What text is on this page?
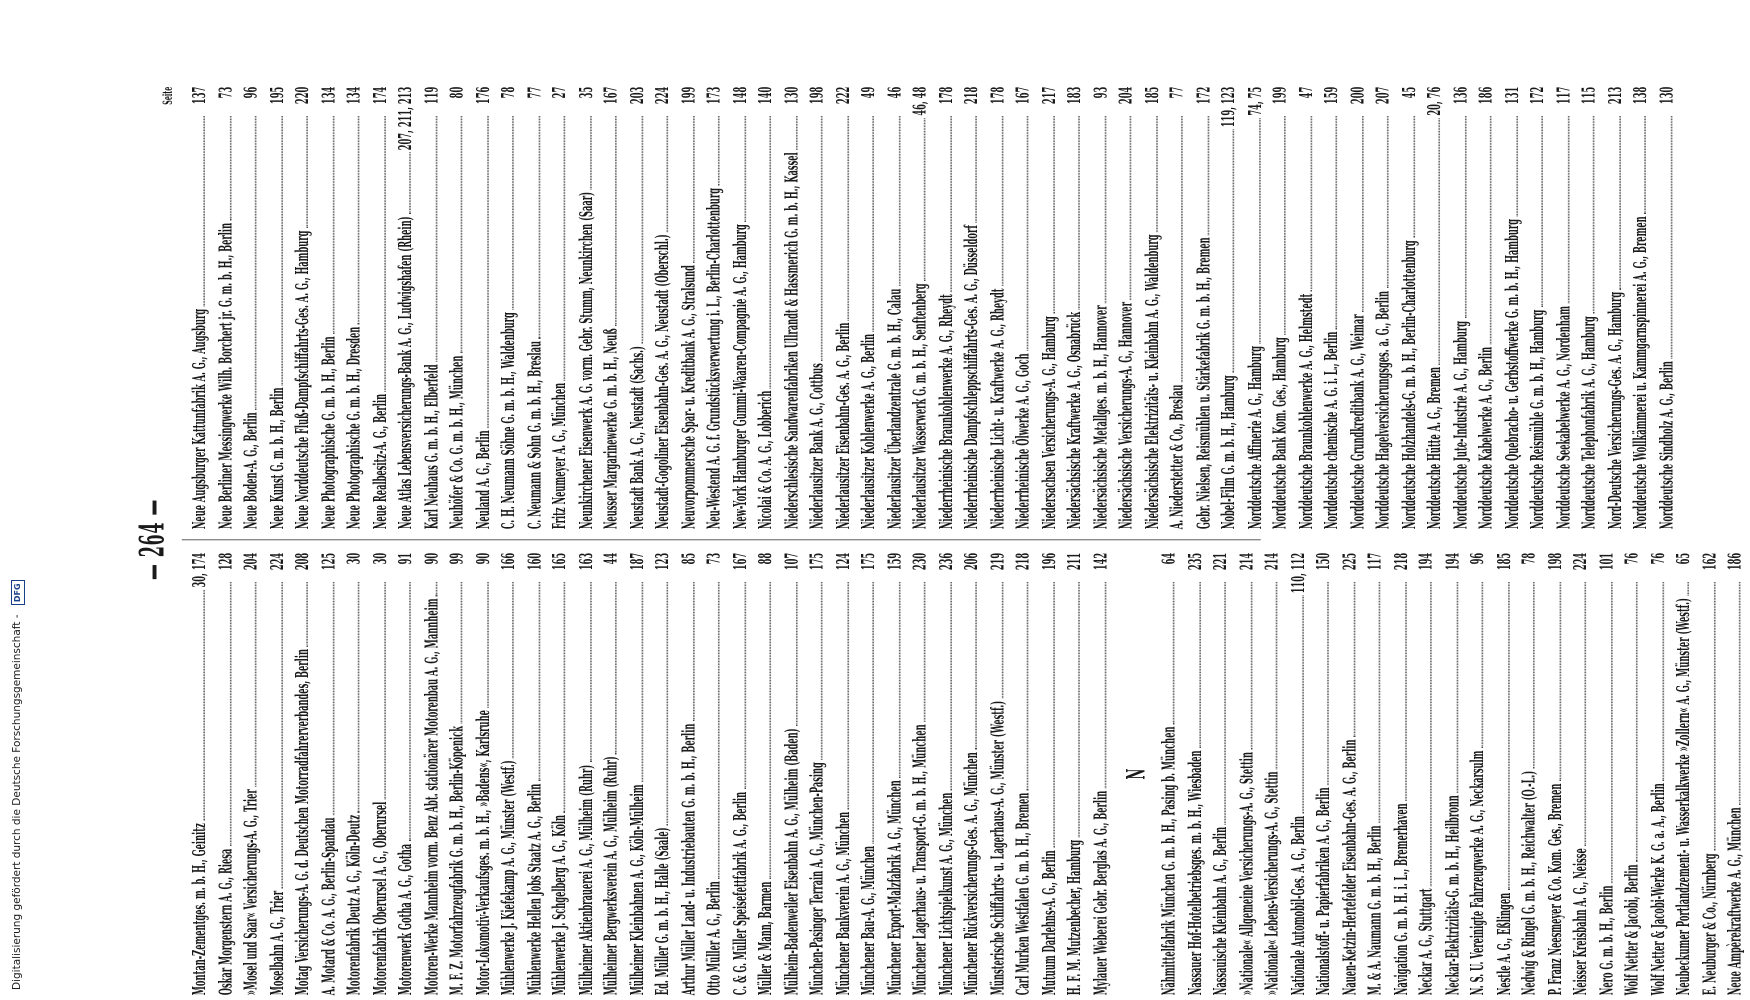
— 264 —
Montan-Zementges. m. b. H., Geinitz
30, 174
Oskar Morgenstern A. G., Riesa
128
»Mosel und Saar« Versicherungs-A. G., Trier
204
Moselbahn A. G., Trier
224
Motag Versicherungs-A. G. d. Deutschen Motorradfahrerverbandes, Berlin
208
A. Motard & Co. A. G., Berlin-Spandau
125
Motorenfabrik Deutz A. G., Köln-Deutz
30
Motorenfabrik Oberursel A. G., Oberursel
30
Motorenwerk Gotha A. G., Gotha
91
Motoren-Werke Mannheim vorm. Benz Abt. stationärer Motorenbau A. G., Mannheim
90
M. F. Z. Motorfahrzeugfabrik G. m. b. H., Berlin-Köpenick
99
Motor-Lokomotiv-Verkaufsges. m. b. H., »Badens«, Karlsruhe
90
Mühlenwerke J. Kiefekamp A. G., Münster (Westf.)
166
Mühlenwerke Hellen Jobs Staatz A. G., Berlin
160
Mühlenwerke J. Schgelberg A. G., Köln
165
Mülheimer Aktienbrauerei A. G., Mülheim (Ruhr)
163
Mülheimer Bergwerksverein A. G., Mülheim (Ruhr)
44
Mülheimer Kleinbahnen A. G., Köln-Mülheim
187
Ed. Müller G. m. b. H., Halle (Saale)
123
Arthur Müller Land- u. Industriebauten G. m. b. H., Berlin
85
Otto Müller A. G., Berlin
73
C. & G. Müller Speisefettfabrik A. G., Berlin
167
Müller & Mann, Barmen
88
Mülheim-Badenweiler Eisenbahn A. G., Mülheim (Baden)
107
München-Pasinger Terrain A. G., München-Pasing
175
Münchener Bankverein A. G., München
124
Münchener Bau-A. G., München
175
Münchener Export-Malzfabrik A. G., München
159
Münchener Lagerhaus- u. Transport-G. m. b. H., München
230
Münchener Lichtspielkunst A. G., München
236
Münchener Rückversicherungs-Ges. A. G., München
206
Münsterische Schiffahrts- u. Lagerhaus-A. G., Münster (Westf.)
219
Carl Murken Westfalen G. m. b. H., Bremen
218
Mutuum Darlehns-A. G., Berlin
196
H. F. M. Mutzenbecher, Hamburg
211
Mylauer Weberei Gebr. Berglas A. G., Berlin
142
N Nähmittelfabrik München G. m. b. H., Pasing b. München
64
Nassauer Hof-Hotelbetriebsges. m. b. H., Wiesbaden
235
Nassauische Kleinbahn A. G., Berlin
221
»Nationale« Allgemeine Versicherungs-A. G., Stettin
214
»Nationale« Lebens-Versicherungs-A. G., Stettin
214
Nationale Automobil-Ges. A. G., Berlin
110, 112
Nationalstoff- u. Papierfabriken A. G., Berlin
150
Nauen-Ketzin-Hertefelder Eisenbahn-Ges. A. G., Berlin
225
M. & A. Naumann G. m. b. H., Berlin
117
Navigation G. m. b. H. i. L., Bremerhaven
218
Neckar A. G., Stuttgart
194
Neckar-Elektrizitäts-G. m. b. H., Heilbronn
194
N. S. U. Vereinigte Fahrzeugwerke A. G., Neckarsulm
96
Nestle A. G., Eßlingen
185
Nedwig & Ringel G. m. b. H., Reichwalter (O.-L.)
78
P. Franz Neesmeyer & Co. Kom. Ges., Bremen
198
Neisser Kreisbahn A. G., Neisse
224
Nero G. m. b. H., Berlin
101
Wolf Netter & Jacobi, Berlin
76
Wolf Netter & Jacobi-Werke K. G. a. A., Berlin
76
Neubeckumer Portlandzement- u. Wasserkalkwerke »Zollern« A. G., Münster (Westf.)
65
E. Neuburger & Co., Nürnberg
162
Neue Ampèrekraftwerke A. G., München
186
Seite
Neue Augsburger Kattunfabrik A. G., Augsburg
137
Neue Berliner Messingwerke Wilh. Borchert jr. G. m. b. H., Berlin
73
Neue Boden-A. G., Berlin
96
Neue Kunst G. m. b. H., Berlin
195
Neue Norddeutsche Fluß-Dampfschiffahrts-Ges. A. G., Hamburg
220
Neue Photographische G. m. b. H., Berlin
134
Neue Photographische G. m. b. H., Dresden
134
Neue Realbesitz-A. G., Berlin
174
Neue Atlas Lebensversicherungs-Bank A. G., Ludwigshafen (Rhein)
207, 211, 213
Karl Neuhaus G. m. b. H., Elberfeld
119
Neuhöfer & Co. G. m. b. H., München
80
Neuland A. G., Berlin
176
C. H. Neumann Söhne G. m. b. H., Waldenburg
78
C. Neumann & Sohn G. m. b. H., Breslau
77
Fritz Neumeyer A. G., München
27
Neunkirchener Eisenwerk A. G. vorm. Gebr. Stumm, Neunkirchen (Saar)
35
Neusser Margarinewerke G. m. b. H., Neuß
167
Neustadt Bank A. G., Neustadt (Sachs.)
203
Neustadt-Gogoliner Eisenbahn-Ges. A. G., Neustadt (Oberschl.)
224
Neuvorpommersche Spar- u. Kreditbank A. G., Stralsund
199
Neu-Westend A. G. f. Grundstücksverwertung i. L., Berlin-Charlottenburg
173
New-York Hamburger Gummi-Waaren-Compagnie A. G., Hamburg
148
Nicolai & Co. A. G., Lobberich
140
Niederschlesische Sandwarenfabriken Ullrandt & Hassmerich G. m. b. H., Kassel
130
Niederlausitzer Bank A. G., Cottbus
198
Niederlausitzer Eisenbahn-Ges. A. G., Berlin
222
Niederlausitzer Kohlenwerke A. G., Berlin
49
Niederlausitzer Überlandzentrale G. m. b. H., Calau
46
Niederlausitzer Wasserwerk G. m. b. H., Senftenberg
46, 48
Niederrheinische Braunkohlenwerke A. G., Rheydt
178
Niederrheinische Dampfschleppschiffahrts-Ges. A. G., Düsseldorf
218
Niederrheinische Licht- u. Kraftwerke A. G., Rheydt
178
Niederrheinische Ölwerke A. G., Goch
167
Niedersachsen Versicherungs-A. G., Hamburg
217
Niedersächsische Kraftwerke A. G., Osnabrück
183
Niedersächsische Metallges. m. b. H., Hannover
93
Niedersächsische Versicherungs-A. G., Hannover
204
Niedersächsische Elektrizitäts- u. Kleinbahn A. G., Waldenburg
185
A. Niederstetter & Co., Breslau
77
Gebr. Nielsen, Reismühlen u. Stärkefabrik G. m. b. H., Bremen
172
Nobel-Film G. m. b. H., Hamburg
119, 123
Norddeutsche Affinerie A. G., Hamburg
74, 75
Norddeutsche Bank Kom. Ges., Hamburg
199
Norddeutsche Braunkohlenwerke A. G., Helmstedt
47
Norddeutsche chemische A. G. i. L., Berlin
159
Norddeutsche Grundkreditbank A. G., Weimar
200
Norddeutsche Hagelversicherungsges. a. G., Berlin
207
Norddeutsche Holzhandels-G. m. b. H., Berlin-Charlottenburg
45
Norddeutsche Hütte A. G., Bremen
20, 76
Norddeutsche Jute-Industrie A. G., Hamburg
136
Norddeutsche Kabelwerke A. G., Berlin
186
Norddeutsche Quebracho- u. Gerbstoffwerke G. m. b. H., Hamburg
131
Norddeutsche Reismühle G. m. b. H., Hamburg
172
Norddeutsche Seekabelwerke A. G., Nordenham
117
Norddeutsche Telephonfabrik A. G., Hamburg
115
Nord-Deutsche Versicherungs-Ges. A. G., Hamburg
213
Norddeutsche Wollkämmerei u. Kammgarnspinnerei A. G., Bremen
138
Norddeutsche Sindholz A. G., Berlin
130
Digitalisierung gefördert durch die Deutsche Forschungsgemeinschaft - DFG
